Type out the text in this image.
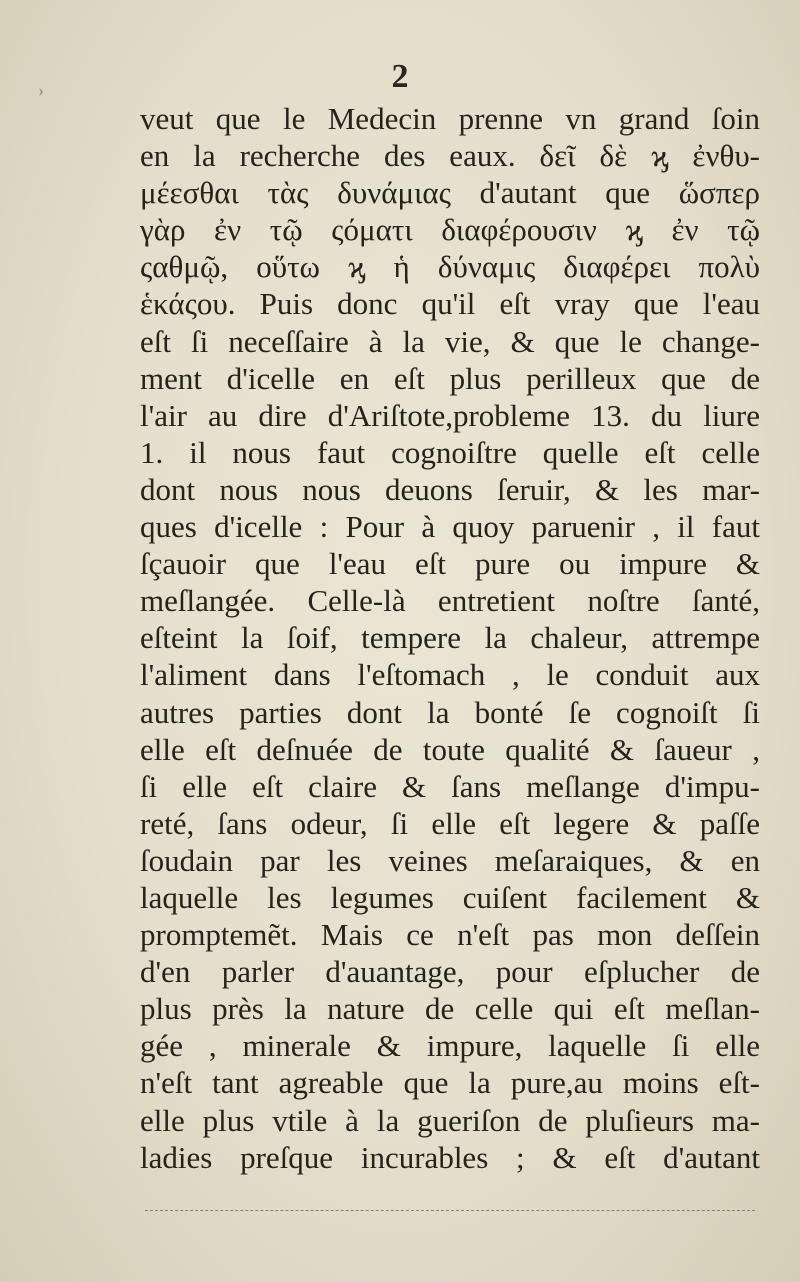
›	2
veut que le Medecin prenne vn grand ſoin
en la recherche des eaux. δεῖ δὲ ϗ ἐνθυ-
μέεσθαι τὰς δυνάμιας d'autant que ὥσπερ
γὰρ ἐν τῷ ςόματι διαφέρουσιν ϗ ἐν τῷ
ςαθμῷ, οὕτω ϗ ἡ δύναμις διαφέρει πολὺ
ἑκάςου. Puis donc qu'il eſt vray que l'eau
eſt ſi neceſſaire à la vie, & que le change-
ment d'icelle en eſt plus perilleux que de
l'air au dire d'Ariſtote,probleme 13. du liure
1. il nous faut cognoiſtre quelle eſt celle
dont nous nous deuons ſeruir, & les mar-
ques d'icelle : Pour à quoy paruenir , il faut
ſçauoir que l'eau eſt pure ou impure &
meſlangée. Celle-là entretient noſtre ſanté,
eſteint la ſoif, tempere la chaleur, attrempe
l'aliment dans l'eſtomach , le conduit aux
autres parties dont la bonté ſe cognoiſt ſi
elle eſt deſnuée de toute qualité & ſaueur ,
ſi elle eſt claire & ſans meſlange d'impu-
reté, ſans odeur, ſi elle eſt legere & paſſe
ſoudain par les veines meſaraiques, & en
laquelle les legumes cuiſent facilement &
promptemẽt. Mais ce n'eſt pas mon deſſein
d'en parler d'auantage, pour eſplucher de
plus près la nature de celle qui eſt meſlan-
gée , minerale & impure, laquelle ſi elle
n'eſt tant agreable que la pure,au moins eſt-
elle plus vtile à la gueriſon de pluſieurs ma-
ladies preſque incurables ; & eſt d'autant
